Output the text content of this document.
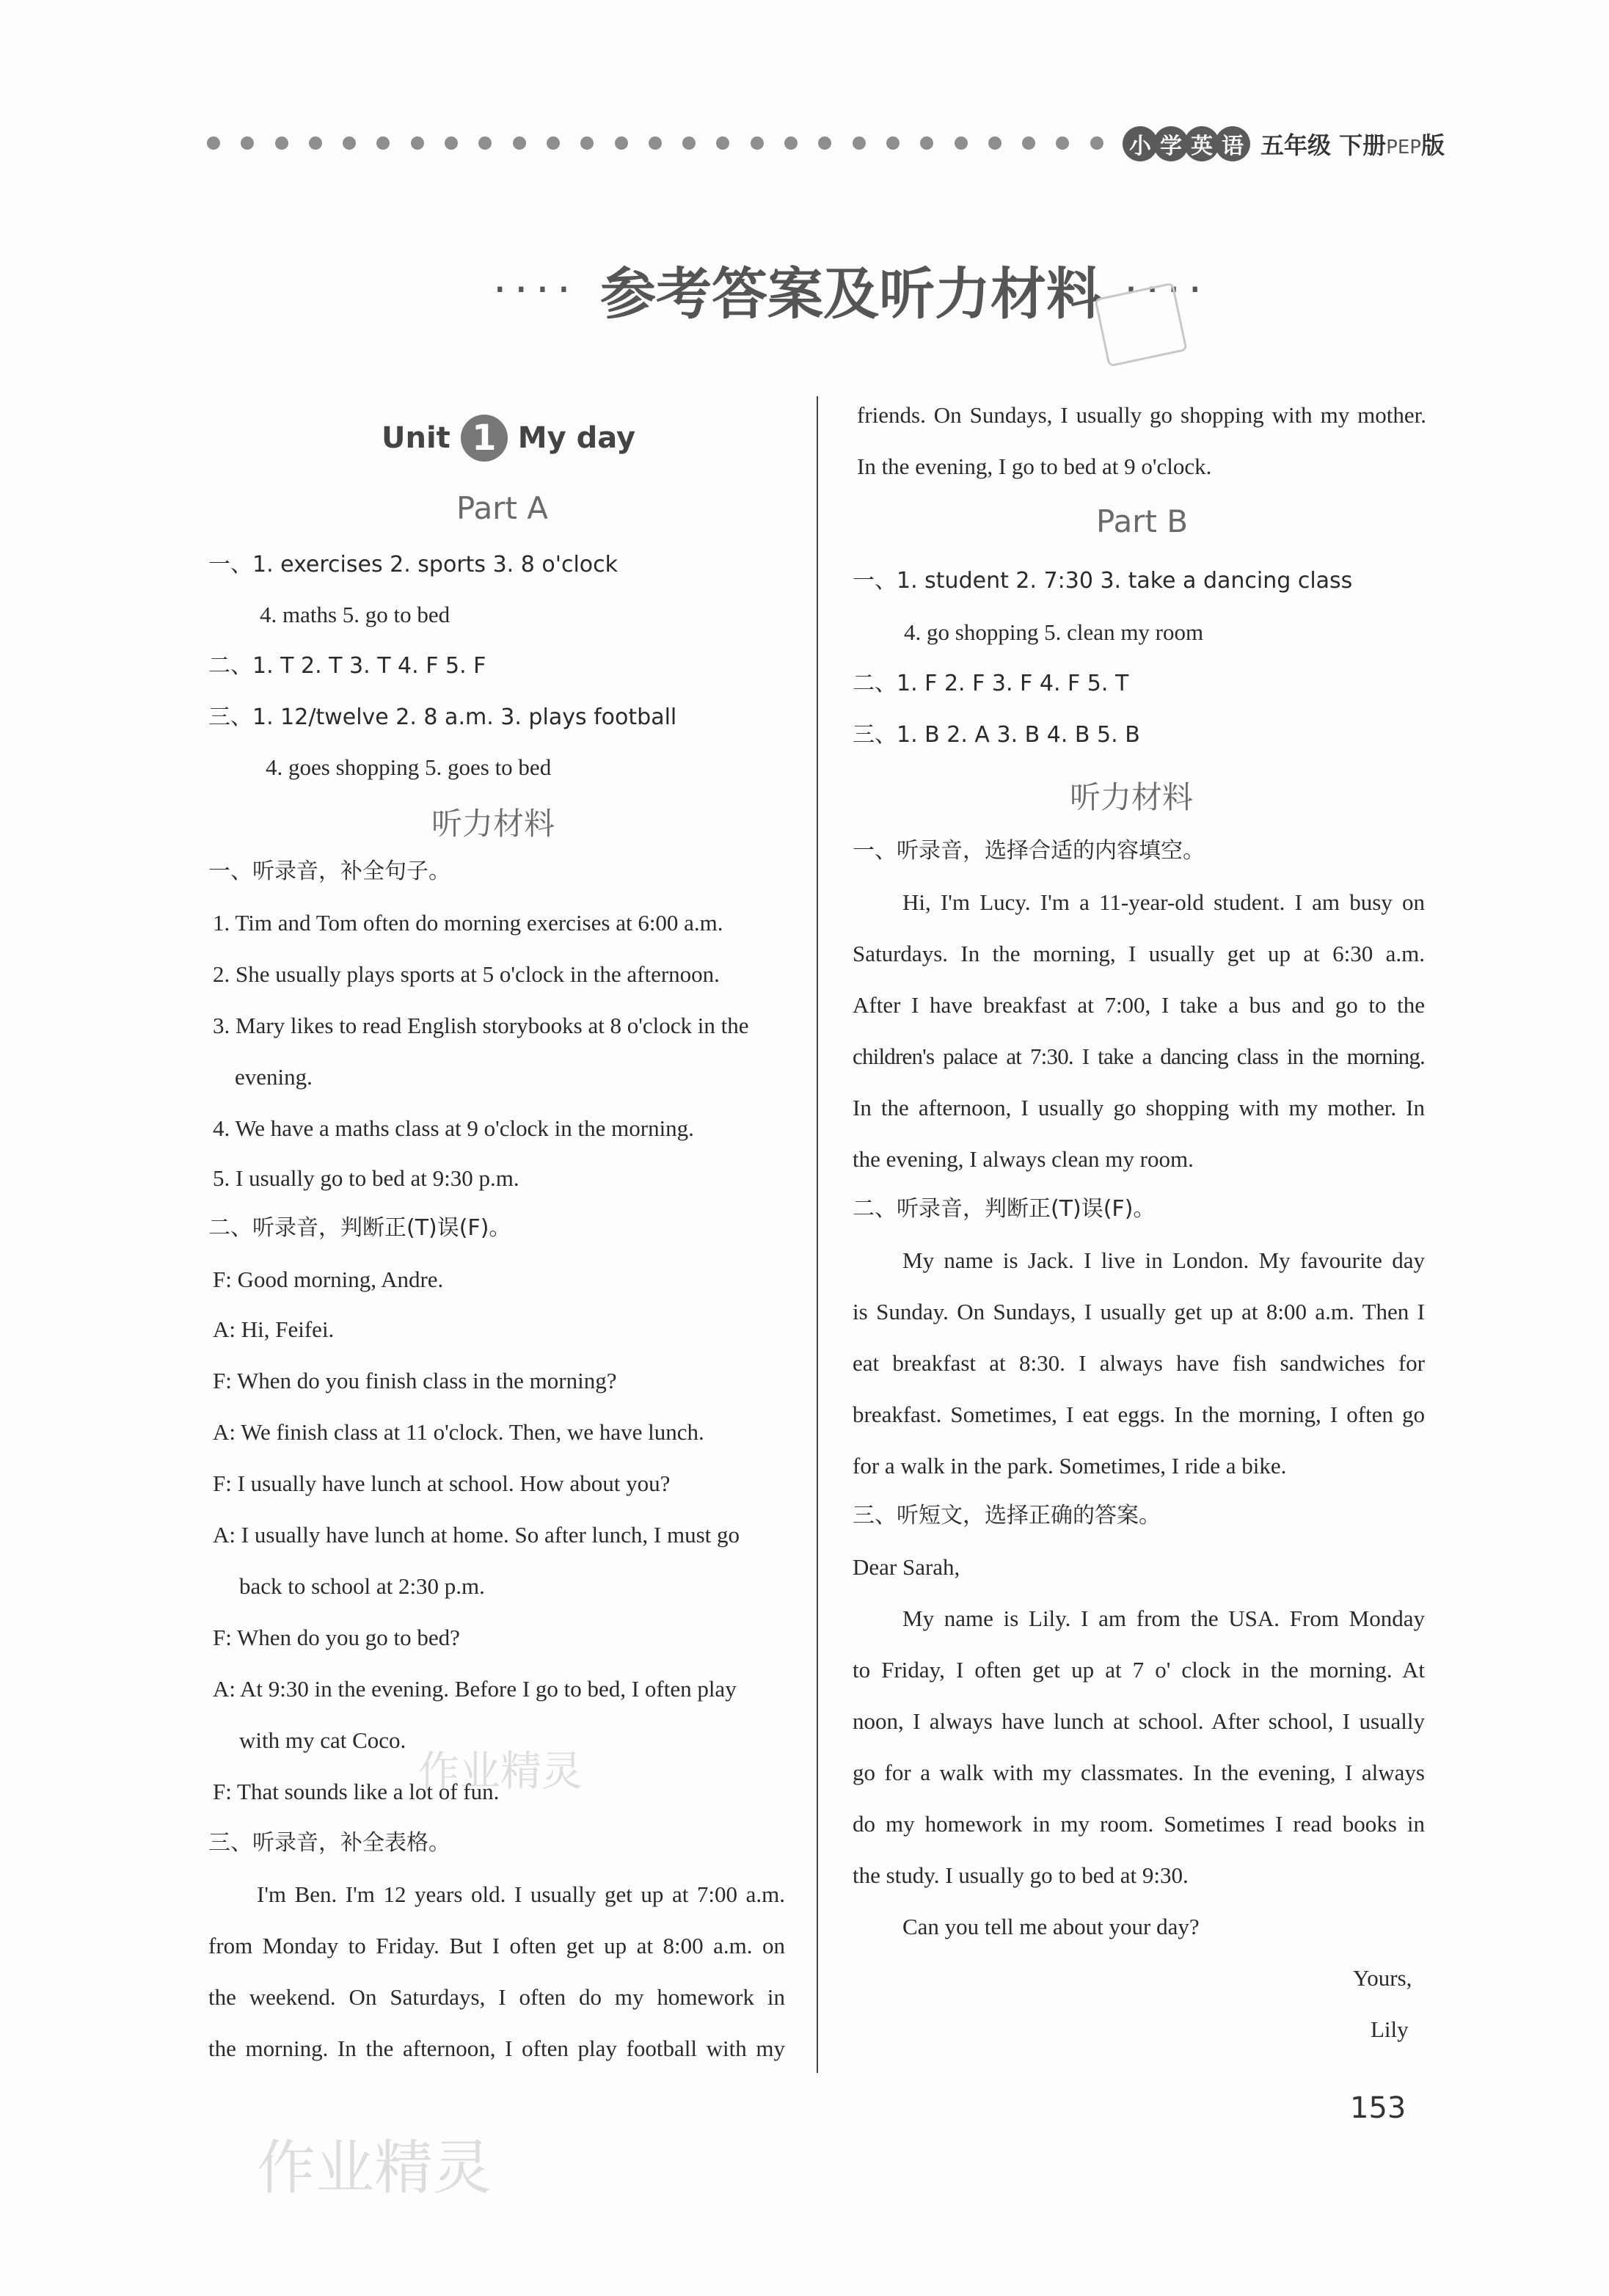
小 学 英 语 五年级 下册PEP版
···· 参考答案及听力材料 ····
Unit 1 My day
Part A
一、1. exercises 2. sports 3. 8 o'clock
4. maths 5. go to bed
二、1. T 2. T 3. T 4. F 5. F
三、1. 12/twelve 2. 8 a.m. 3. plays football
4. goes shopping 5. goes to bed
听力材料
一、听录音，补全句子。
1. Tim and Tom often do morning exercises at 6:00 a.m.
2. She usually plays sports at 5 o'clock in the afternoon.
3. Mary likes to read English storybooks at 8 o'clock in the
evening.
4. We have a maths class at 9 o'clock in the morning.
5. I usually go to bed at 9:30 p.m.
二、听录音，判断正(T)误(F)。
F: Good morning, Andre.
A: Hi, Feifei.
F: When do you finish class in the morning?
A: We finish class at 11 o'clock. Then, we have lunch.
F: I usually have lunch at school. How about you?
A: I usually have lunch at home. So after lunch, I must go
back to school at 2:30 p.m.
F: When do you go to bed?
A: At 9:30 in the evening. Before I go to bed, I often play
with my cat Coco.
F: That sounds like a lot of fun.
三、听录音，补全表格。
I'm Ben. I'm 12 years old. I usually get up at 7:00 a.m.
from Monday to Friday. But I often get up at 8:00 a.m. on
the weekend. On Saturdays, I often do my homework in
the morning. In the afternoon, I often play football with my
friends. On Sundays, I usually go shopping with my mother.
In the evening, I go to bed at 9 o'clock.
Part B
一、1. student 2. 7:30 3. take a dancing class
4. go shopping 5. clean my room
二、1. F 2. F 3. F 4. F 5. T
三、1. B 2. A 3. B 4. B 5. B
听力材料
一、听录音，选择合适的内容填空。
Hi, I'm Lucy. I'm a 11-year-old student. I am busy on
Saturdays. In the morning, I usually get up at 6:30 a.m.
After I have breakfast at 7:00, I take a bus and go to the
children's palace at 7:30. I take a dancing class in the morning.
In the afternoon, I usually go shopping with my mother. In
the evening, I always clean my room.
二、听录音，判断正(T)误(F)。
My name is Jack. I live in London. My favourite day
is Sunday. On Sundays, I usually get up at 8:00 a.m. Then I
eat breakfast at 8:30. I always have fish sandwiches for
breakfast. Sometimes, I eat eggs. In the morning, I often go
for a walk in the park. Sometimes, I ride a bike.
三、听短文，选择正确的答案。
Dear Sarah,
My name is Lily. I am from the USA. From Monday
to Friday, I often get up at 7 o' clock in the morning. At
noon, I always have lunch at school. After school, I usually
go for a walk with my classmates. In the evening, I always
do my homework in my room. Sometimes I read books in
the study. I usually go to bed at 9:30.
Can you tell me about your day?
Yours,
Lily
153
作业精灵
作业精灵
